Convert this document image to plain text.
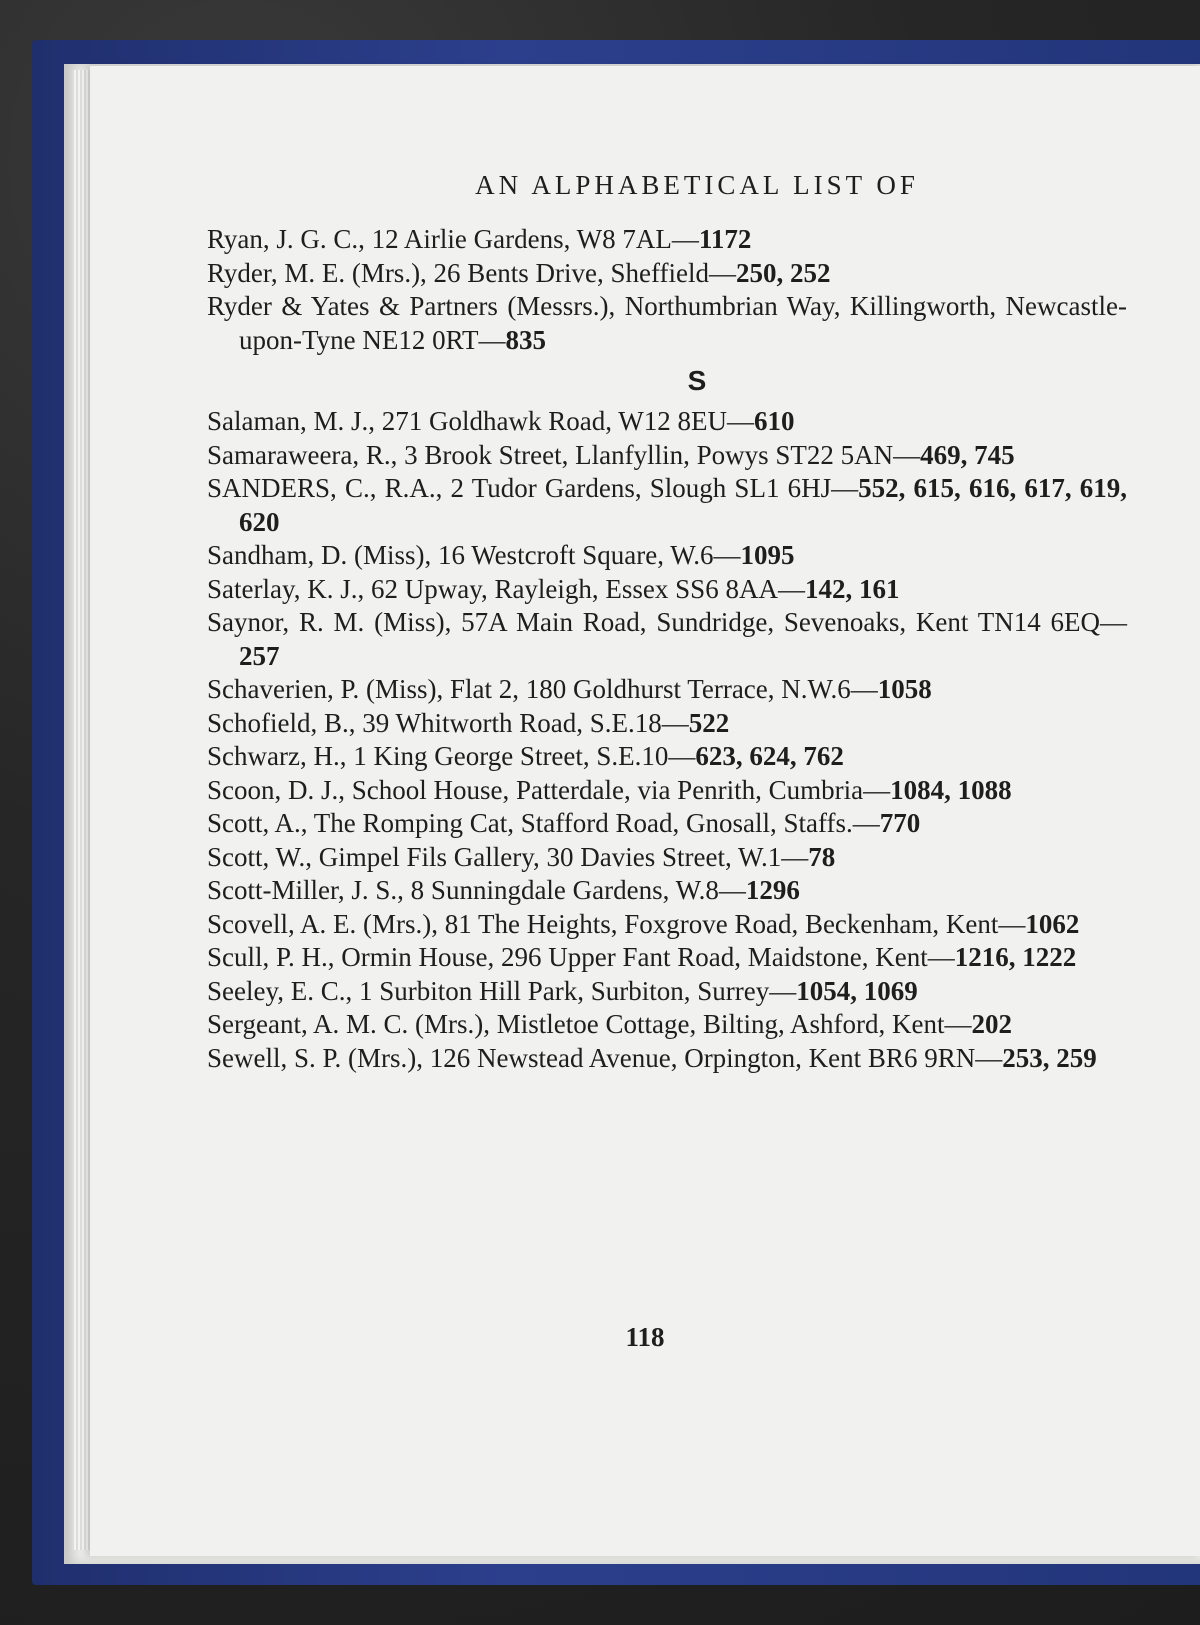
AN ALPHABETICAL LIST OF

Ryan, J. G. C., 12 Airlie Gardens, W8 7AL—1172

Ryder, M. E. (Mrs.), 26 Bents Drive, Sheffield—250, 252

Ryder & Yates & Partners (Messrs.), Northumbrian Way, Killingworth, Newcastle-upon-Tyne NE12 0RT—835

S

Salaman, M. J., 271 Goldhawk Road, W12 8EU—610

Samaraweera, R., 3 Brook Street, Llanfyllin, Powys ST22 5AN—469, 745

SANDERS, C., R.A., 2 Tudor Gardens, Slough SL1 6HJ—552, 615, 616, 617, 619, 620

Sandham, D. (Miss), 16 Westcroft Square, W.6—1095

Saterlay, K. J., 62 Upway, Rayleigh, Essex SS6 8AA—142, 161

Saynor, R. M. (Miss), 57A Main Road, Sundridge, Sevenoaks, Kent TN14 6EQ—257

Schaverien, P. (Miss), Flat 2, 180 Goldhurst Terrace, N.W.6—1058

Schofield, B., 39 Whitworth Road, S.E.18—522

Schwarz, H., 1 King George Street, S.E.10—623, 624, 762

Scoon, D. J., School House, Patterdale, via Penrith, Cumbria—1084, 1088

Scott, A., The Romping Cat, Stafford Road, Gnosall, Staffs.—770

Scott, W., Gimpel Fils Gallery, 30 Davies Street, W.1—78

Scott-Miller, J. S., 8 Sunningdale Gardens, W.8—1296

Scovell, A. E. (Mrs.), 81 The Heights, Foxgrove Road, Beckenham, Kent—1062

Scull, P. H., Ormin House, 296 Upper Fant Road, Maidstone, Kent—1216, 1222

Seeley, E. C., 1 Surbiton Hill Park, Surbiton, Surrey—1054, 1069

Sergeant, A. M. C. (Mrs.), Mistletoe Cottage, Bilting, Ashford, Kent—202

Sewell, S. P. (Mrs.), 126 Newstead Avenue, Orpington, Kent BR6 9RN—253, 259

118
